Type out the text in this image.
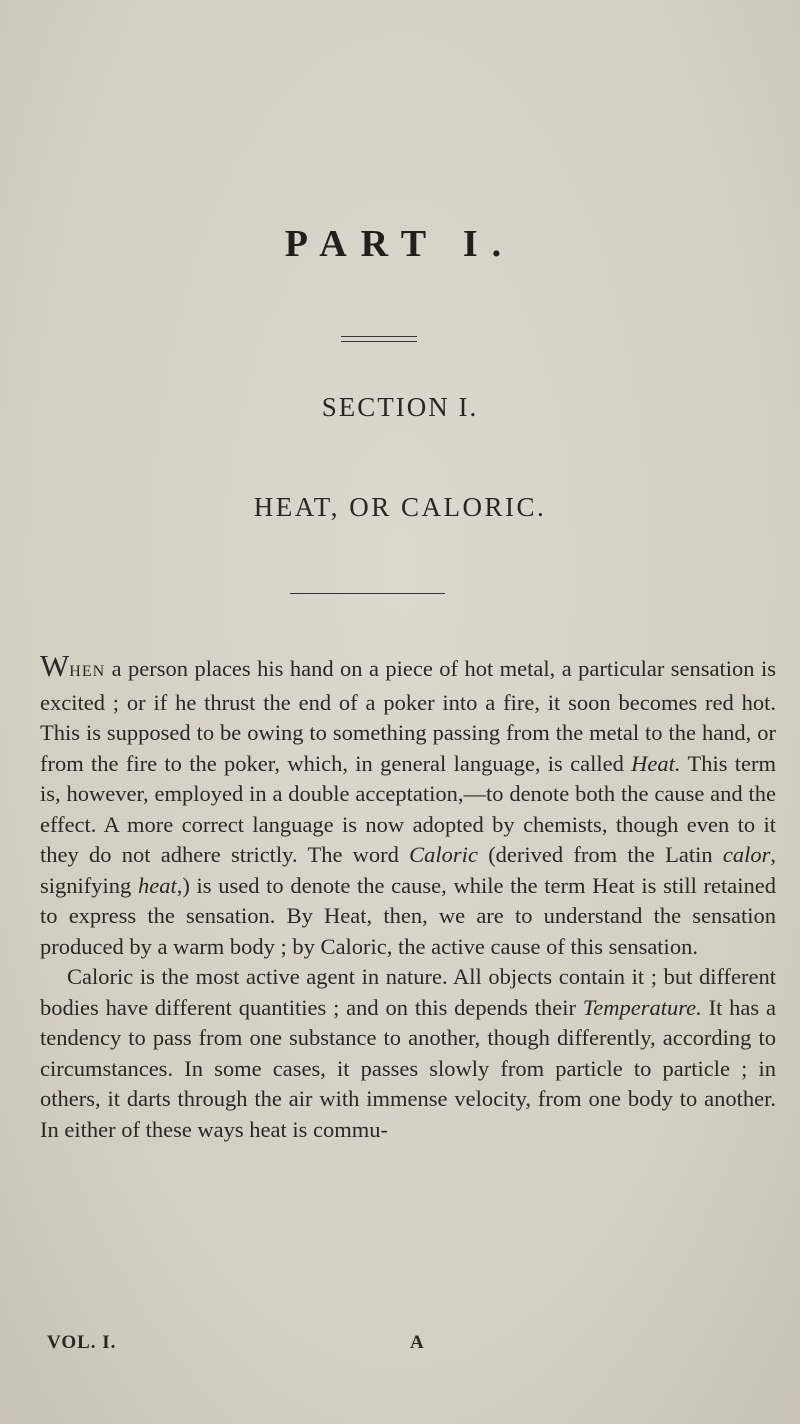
PART I.
SECTION I.
HEAT, OR CALORIC.

WHEN a person places his hand on a piece of hot metal, a particular sensation is excited ; or if he thrust the end of a poker into a fire, it soon becomes red hot. This is supposed to be owing to something passing from the metal to the hand, or from the fire to the poker, which, in general language, is called Heat. This term is, however, employed in a double acceptation,—to denote both the cause and the effect. A more correct language is now adopted by chemists, though even to it they do not adhere strictly. The word Caloric (derived from the Latin calor, signifying heat,) is used to denote the cause, while the term Heat is still retained to express the sensation. By Heat, then, we are to understand the sensation produced by a warm body ; by Caloric, the active cause of this sensation.

Caloric is the most active agent in nature. All objects contain it ; but different bodies have different quantities ; and on this depends their Temperature. It has a tendency to pass from one substance to another, though differently, according to circumstances. In some cases, it passes slowly from particle to particle ; in others, it darts through the air with immense velocity, from one body to another. In either of these ways heat is commu-

VOL. I.	A
